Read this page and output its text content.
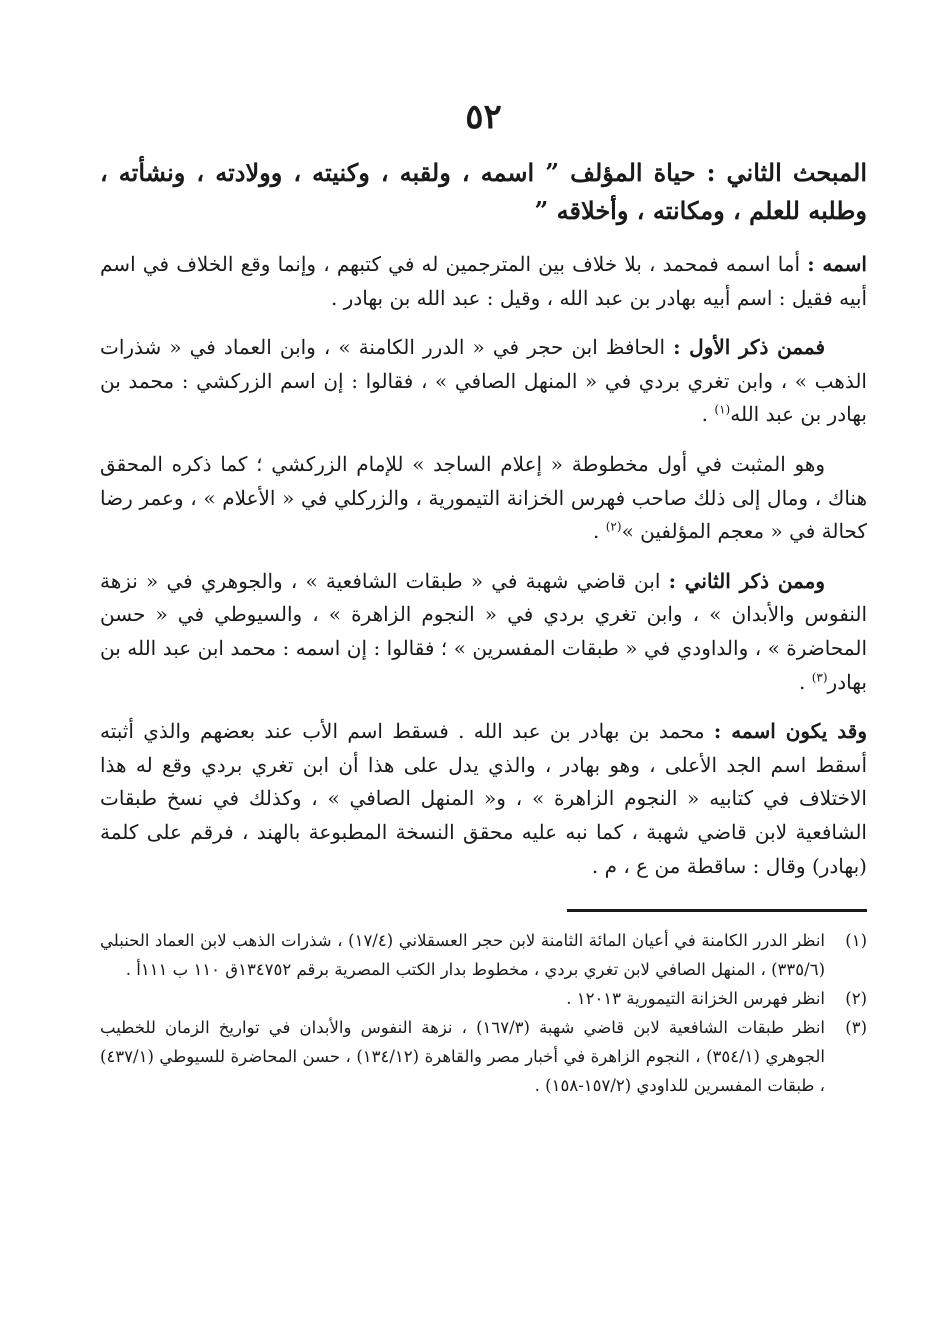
٥٢
المبحث الثاني : حياة المؤلف ” اسمه ، ولقبه ، وكنيته ، وولادته ، ونشأته ، وطلبه للعلم ، ومكانته ، وأخلاقه ”

اسمه : أما اسمه فمحمد ، بلا خلاف بين المترجمين له في كتبهم ، وإنما وقع الخلاف في اسم أبيه فقيل : اسم أبيه بهادر بن عبد الله ، وقيل : عبد الله بن بهادر .

فممن ذكر الأول : الحافظ ابن حجر في « الدرر الكامنة » ، وابن العماد في « شذرات الذهب » ، وابن تغري بردي في « المنهل الصافي » ، فقالوا : إن اسم الزركشي : محمد بن بهادر بن عبد الله$^{(١)}$ .

وهو المثبت في أول مخطوطة « إعلام الساجد » للإمام الزركشي ؛ كما ذكره المحقق هناك ، ومال إلى ذلك صاحب فهرس الخزانة التيمورية ، والزركلي في « الأعلام » ، وعمر رضا كحالة في « معجم المؤلفين »$^{(٢)}$ .

وممن ذكر الثاني : ابن قاضي شهبة في « طبقات الشافعية » ، والجوهري في « نزهة النفوس والأبدان » ، وابن تغري بردي في « النجوم الزاهرة » ، والسيوطي في « حسن المحاضرة » ، والداودي في « طبقات المفسرين » ؛ فقالوا : إن اسمه : محمد ابن عبد الله بن بهادر$^{(٣)}$ .

وقد يكون اسمه : محمد بن بهادر بن عبد الله . فسقط اسم الأب عند بعضهم والذي أثبته أسقط اسم الجد الأعلى ، وهو بهادر ، والذي يدل على هذا أن ابن تغري بردي وقع له هذا الاختلاف في كتابيه « النجوم الزاهرة » ، و« المنهل الصافي » ، وكذلك في نسخ طبقات الشافعية لابن قاضي شهبة ، كما نبه عليه محقق النسخة المطبوعة بالهند ، فرقم على كلمة (بهادر) وقال : ساقطة من ع ، م .

(١)انظر الدرر الكامنة في أعيان المائة الثامنة لابن حجر العسقلاني (١٧/٤) ، شذرات الذهب لابن العماد الحنبلي (٣٣٥/٦) ، المنهل الصافي لابن تغري بردي ، مخطوط بدار الكتب المصرية برقم ١٣٤٧٥٢ق ١١٠ ب ١١١أ .

(٢)انظر فهرس الخزانة التيمورية ١٢٠١٣ .

(٣)انظر طبقات الشافعية لابن قاضي شهبة (١٦٧/٣) ، نزهة النفوس والأبدان في تواريخ الزمان للخطيب الجوهري (٣٥٤/١) ، النجوم الزاهرة في أخبار مصر والقاهرة (١٣٤/١٢) ، حسن المحاضرة للسيوطي (٤٣٧/١) ، طبقات المفسرين للداودي (١٥٧/٢-١٥٨) .
